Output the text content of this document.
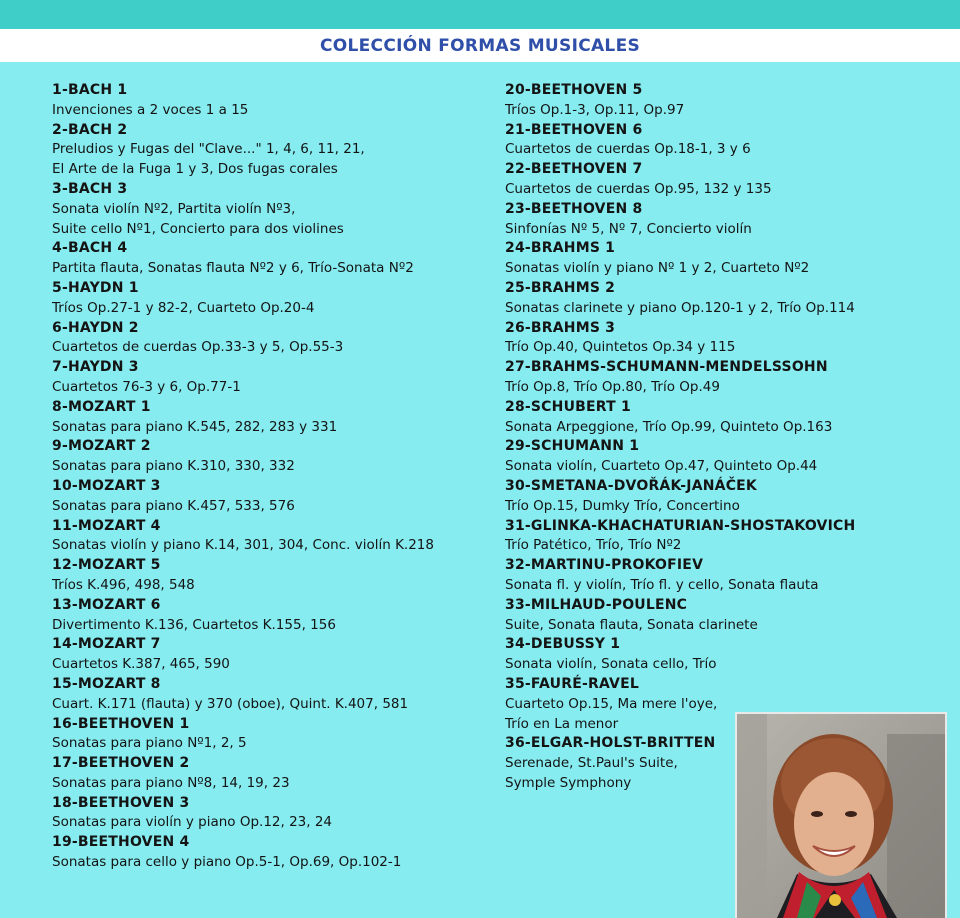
COLECCIÓN FORMAS MUSICALES
1-BACH 1
Invenciones a 2 voces 1 a 15
2-BACH 2
Preludios y Fugas del "Clave..." 1, 4, 6, 11, 21,
El Arte de la Fuga 1 y 3, Dos fugas corales
3-BACH 3
Sonata violín Nº2, Partita violín Nº3,
Suite cello Nº1, Concierto para dos violines
4-BACH 4
Partita flauta, Sonatas flauta Nº2 y 6, Trío-Sonata Nº2
5-HAYDN 1
Tríos Op.27-1 y 82-2, Cuarteto Op.20-4
6-HAYDN 2
Cuartetos de cuerdas Op.33-3 y 5, Op.55-3
7-HAYDN 3
Cuartetos 76-3 y 6, Op.77-1
8-MOZART 1
Sonatas para piano K.545, 282, 283 y 331
9-MOZART 2
Sonatas para piano K.310, 330, 332
10-MOZART 3
Sonatas para piano K.457, 533, 576
11-MOZART 4
Sonatas violín y piano K.14, 301, 304, Conc. violín K.218
12-MOZART 5
Tríos K.496, 498, 548
13-MOZART 6
Divertimento K.136, Cuartetos K.155, 156
14-MOZART 7
Cuartetos K.387, 465, 590
15-MOZART 8
Cuart. K.171 (flauta) y 370 (oboe), Quint. K.407, 581
16-BEETHOVEN 1
Sonatas para piano Nº1, 2, 5
17-BEETHOVEN 2
Sonatas para piano Nº8, 14, 19, 23
18-BEETHOVEN 3
Sonatas para violín y piano Op.12, 23, 24
19-BEETHOVEN 4
Sonatas para cello y piano Op.5-1, Op.69, Op.102-1
20-BEETHOVEN 5
Tríos Op.1-3, Op.11, Op.97
21-BEETHOVEN 6
Cuartetos de cuerdas Op.18-1, 3 y 6
22-BEETHOVEN 7
Cuartetos de cuerdas Op.95, 132 y 135
23-BEETHOVEN 8
Sinfonías Nº 5, Nº 7, Concierto violín
24-BRAHMS 1
Sonatas violín y piano Nº 1 y 2, Cuarteto Nº2
25-BRAHMS 2
Sonatas clarinete y piano Op.120-1 y 2, Trío Op.114
26-BRAHMS 3
Trío Op.40, Quintetos Op.34 y 115
27-BRAHMS-SCHUMANN-MENDELSSOHN
Trío Op.8, Trío Op.80, Trío Op.49
28-SCHUBERT 1
Sonata Arpeggione, Trío Op.99, Quinteto Op.163
29-SCHUMANN 1
Sonata violín, Cuarteto Op.47, Quinteto Op.44
30-SMETANA-DVOŘÁK-JANÁČEK
Trío Op.15, Dumky Trío, Concertino
31-GLINKA-KHACHATURIAN-SHOSTAKOVICH
Trío Patético, Trío, Trío Nº2
32-MARTINU-PROKOFIEV
Sonata fl. y violín, Trío fl. y cello, Sonata flauta
33-MILHAUD-POULENC
Suite, Sonata flauta, Sonata clarinete
34-DEBUSSY 1
Sonata violín, Sonata cello, Trío
35-FAURÉ-RAVEL
Cuarteto Op.15, Ma mere l'oye,
Trío en La menor
36-ELGAR-HOLST-BRITTEN
Serenade, St.Paul's Suite,
Symple Symphony
